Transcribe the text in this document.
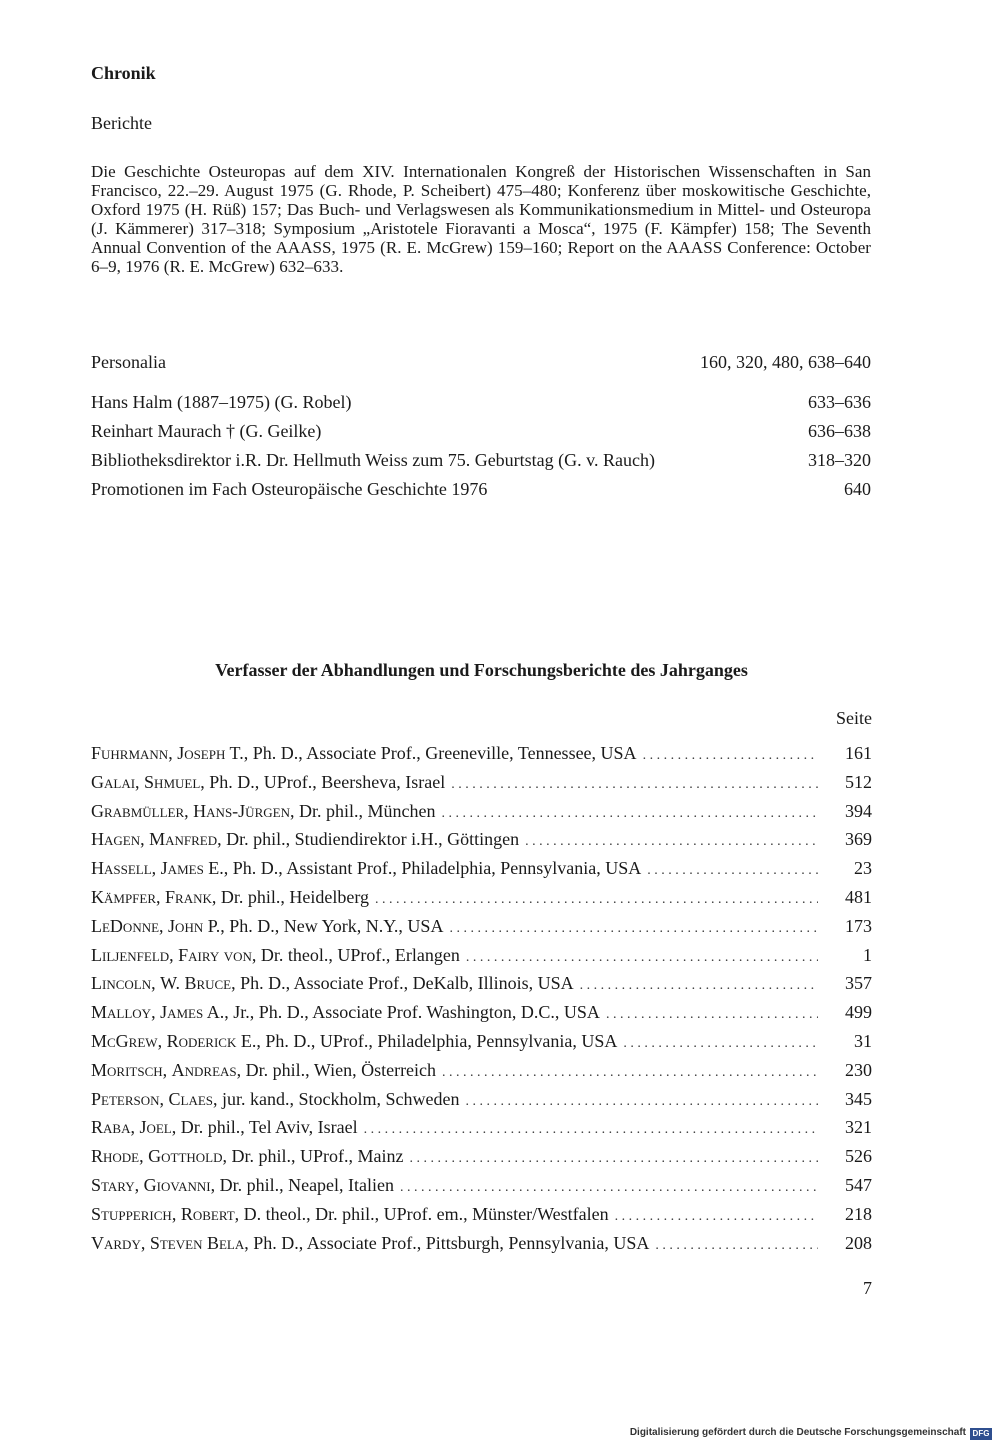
Chronik
Berichte
Die Geschichte Osteuropas auf dem XIV. Internationalen Kongreß der Historischen Wissenschaften in San Francisco, 22.–29. August 1975 (G. Rhode, P. Scheibert) 475–480; Konferenz über moskowitische Geschichte, Oxford 1975 (H. Rüß) 157; Das Buch- und Verlagswesen als Kommunikationsmedium in Mittel- und Osteuropa (J. Kämmerer) 317–318; Symposium „Aristotele Fioravanti a Mosca“, 1975 (F. Kämpfer) 158; The Seventh Annual Convention of the AAASS, 1975 (R. E. McGrew) 159–160; Report on the AAASS Conference: October 6–9, 1976 (R. E. McGrew) 632–633.
Personalia	160, 320, 480, 638–640
Hans Halm (1887–1975) (G. Robel)	633–636
Reinhart Maurach † (G. Geilke)	636–638
Bibliotheksdirektor i.R. Dr. Hellmuth Weiss zum 75. Geburtstag (G. v. Rauch)	318–320
Promotionen im Fach Osteuropäische Geschichte 1976	640
Verfasser der Abhandlungen und Forschungsberichte des Jahrganges
Seite
Fuhrmann, Joseph T., Ph. D., Associate Prof., Greeneville, Tennessee, USA . . .	161
Galai, Shmuel, Ph. D., UProf., Beersheva, Israel . . .	512
Grabmüller, Hans-Jürgen, Dr. phil., München . . .	394
Hagen, Manfred, Dr. phil., Studiendirektor i.H., Göttingen . . .	369
Hassell, James E., Ph. D., Assistant Prof., Philadelphia, Pennsylvania, USA . . .	23
Kämpfer, Frank, Dr. phil., Heidelberg . . .	481
LeDonne, John P., Ph. D., New York, N.Y., USA . . .	173
Liljenfeld, Fairy von, Dr. theol., UProf., Erlangen . . .	1
Lincoln, W. Bruce, Ph. D., Associate Prof., DeKalb, Illinois, USA . . .	357
Malloy, James A., Jr., Ph. D., Associate Prof. Washington, D.C., USA . . .	499
McGrew, Roderick E., Ph. D., UProf., Philadelphia, Pennsylvania, USA . . .	31
Moritsch, Andreas, Dr. phil., Wien, Österreich . . .	230
Peterson, Claes, jur. kand., Stockholm, Schweden . . .	345
Raba, Joel, Dr. phil., Tel Aviv, Israel . . .	321
Rhode, Gotthold, Dr. phil., UProf., Mainz . . .	526
Stary, Giovanni, Dr. phil., Neapel, Italien . . .	547
Stupperich, Robert, D. theol., Dr. phil., UProf. em., Münster/Westfalen . . .	218
Vardy, Steven Bela, Ph. D., Associate Prof., Pittsburgh, Pennsylvania, USA . . .	208
7
Digitalisierung gefördert durch die Deutsche Forschungsgemeinschaft DFG
